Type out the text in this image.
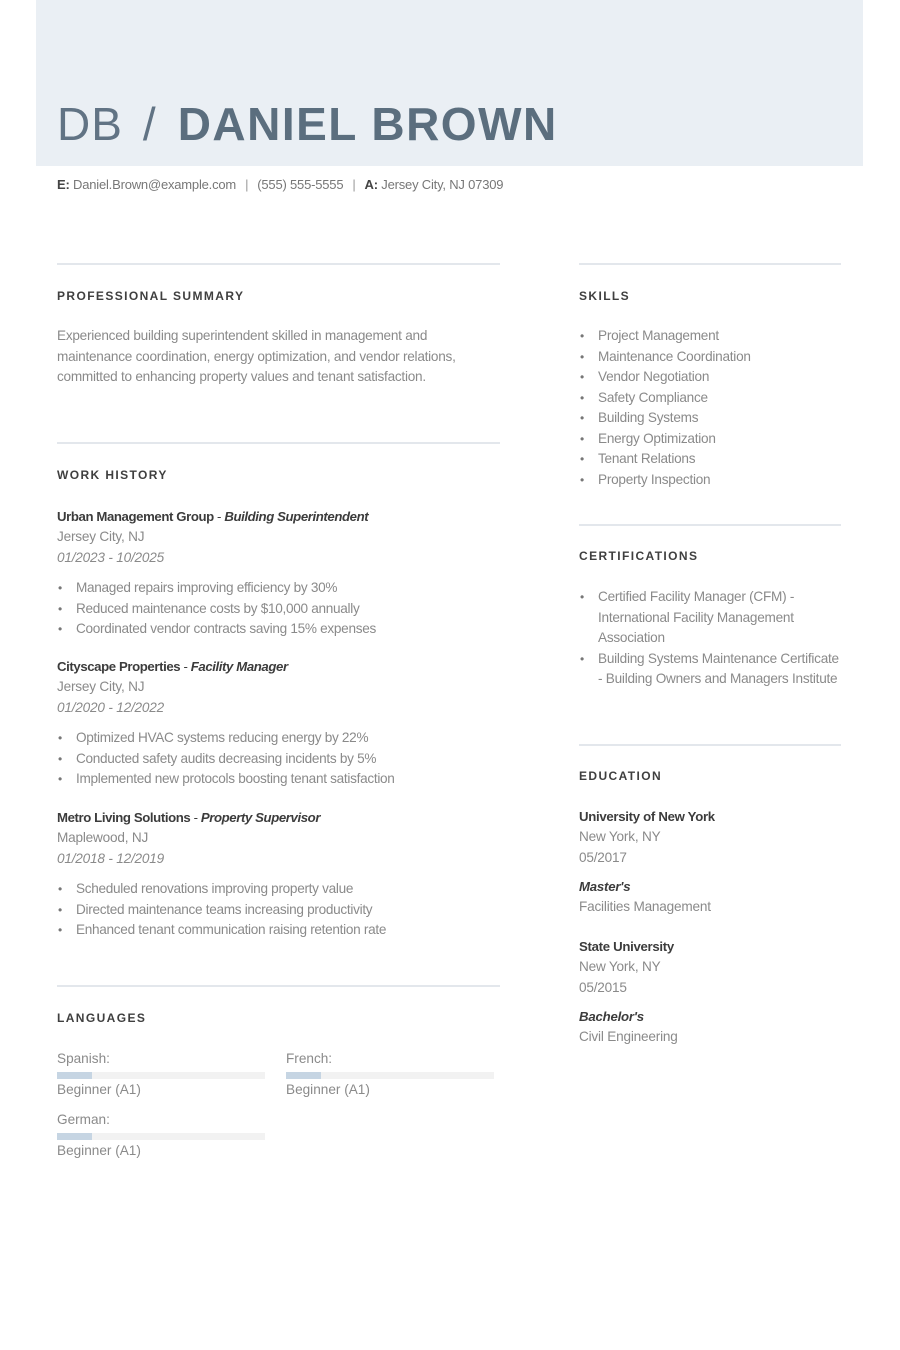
DB / DANIEL BROWN
E: Daniel.Brown@example.com | (555) 555-5555 | A: Jersey City, NJ 07309
PROFESSIONAL SUMMARY
Experienced building superintendent skilled in management and maintenance coordination, energy optimization, and vendor relations, committed to enhancing property values and tenant satisfaction.
WORK HISTORY
Urban Management Group - Building Superintendent
Jersey City, NJ
01/2023 - 10/2025
• Managed repairs improving efficiency by 30%
• Reduced maintenance costs by $10,000 annually
• Coordinated vendor contracts saving 15% expenses
Cityscape Properties - Facility Manager
Jersey City, NJ
01/2020 - 12/2022
• Optimized HVAC systems reducing energy by 22%
• Conducted safety audits decreasing incidents by 5%
• Implemented new protocols boosting tenant satisfaction
Metro Living Solutions - Property Supervisor
Maplewood, NJ
01/2018 - 12/2019
• Scheduled renovations improving property value
• Directed maintenance teams increasing productivity
• Enhanced tenant communication raising retention rate
LANGUAGES
Spanish:
Beginner (A1)
French:
Beginner (A1)
German:
Beginner (A1)
SKILLS
• Project Management
• Maintenance Coordination
• Vendor Negotiation
• Safety Compliance
• Building Systems
• Energy Optimization
• Tenant Relations
• Property Inspection
CERTIFICATIONS
• Certified Facility Manager (CFM) - International Facility Management Association
• Building Systems Maintenance Certificate - Building Owners and Managers Institute
EDUCATION
University of New York
New York, NY
05/2017
Master's
Facilities Management
State University
New York, NY
05/2015
Bachelor's
Civil Engineering
